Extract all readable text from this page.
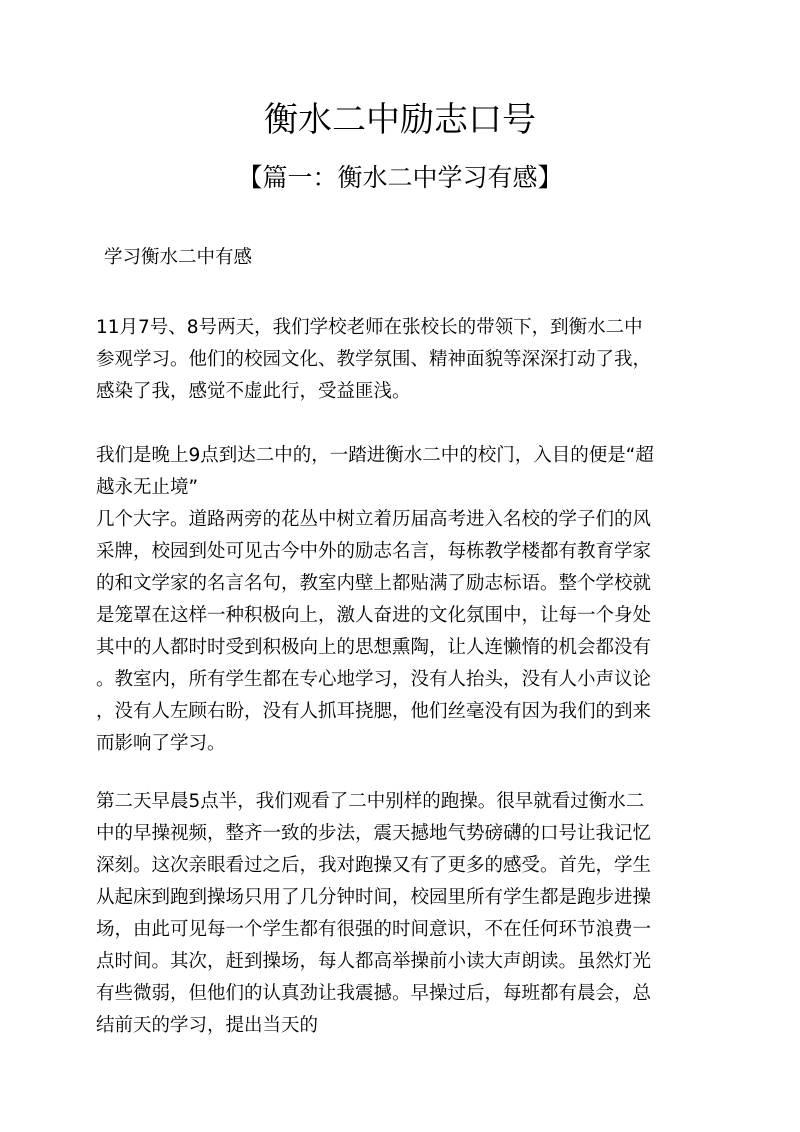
衡水二中励志口号
【篇一：衡水二中学习有感】

学习衡水二中有感

11月7号、8号两天，我们学校老师在张校长的带领下，到衡水二中
参观学习。他们的校园文化、教学氛围、精神面貌等深深打动了我，
感染了我，感觉不虚此行，受益匪浅。
我们是晚上9点到达二中的，一踏进衡水二中的校门，入目的便是“超
越永无止境”
几个大字。道路两旁的花丛中树立着历届高考进入名校的学子们的风
采牌，校园到处可见古今中外的励志名言，每栋教学楼都有教育学家
的和文学家的名言名句，教室内壁上都贴满了励志标语。整个学校就
是笼罩在这样一种积极向上，激人奋进的文化氛围中，让每一个身处
其中的人都时时受到积极向上的思想熏陶，让人连懒惰的机会都没有
。教室内，所有学生都在专心地学习，没有人抬头，没有人小声议论
，没有人左顾右盼，没有人抓耳挠腮，他们丝毫没有因为我们的到来
而影响了学习。
第二天早晨5点半，我们观看了二中别样的跑操。很早就看过衡水二
中的早操视频，整齐一致的步法，震天撼地气势磅礴的口号让我记忆
深刻。这次亲眼看过之后，我对跑操又有了更多的感受。首先，学生
从起床到跑到操场只用了几分钟时间，校园里所有学生都是跑步进操
场，由此可见每一个学生都有很强的时间意识，不在任何环节浪费一
点时间。其次，赶到操场，每人都高举操前小读大声朗读。虽然灯光
有些微弱，但他们的认真劲让我震撼。早操过后，每班都有晨会，总
结前天的学习，提出当天的
